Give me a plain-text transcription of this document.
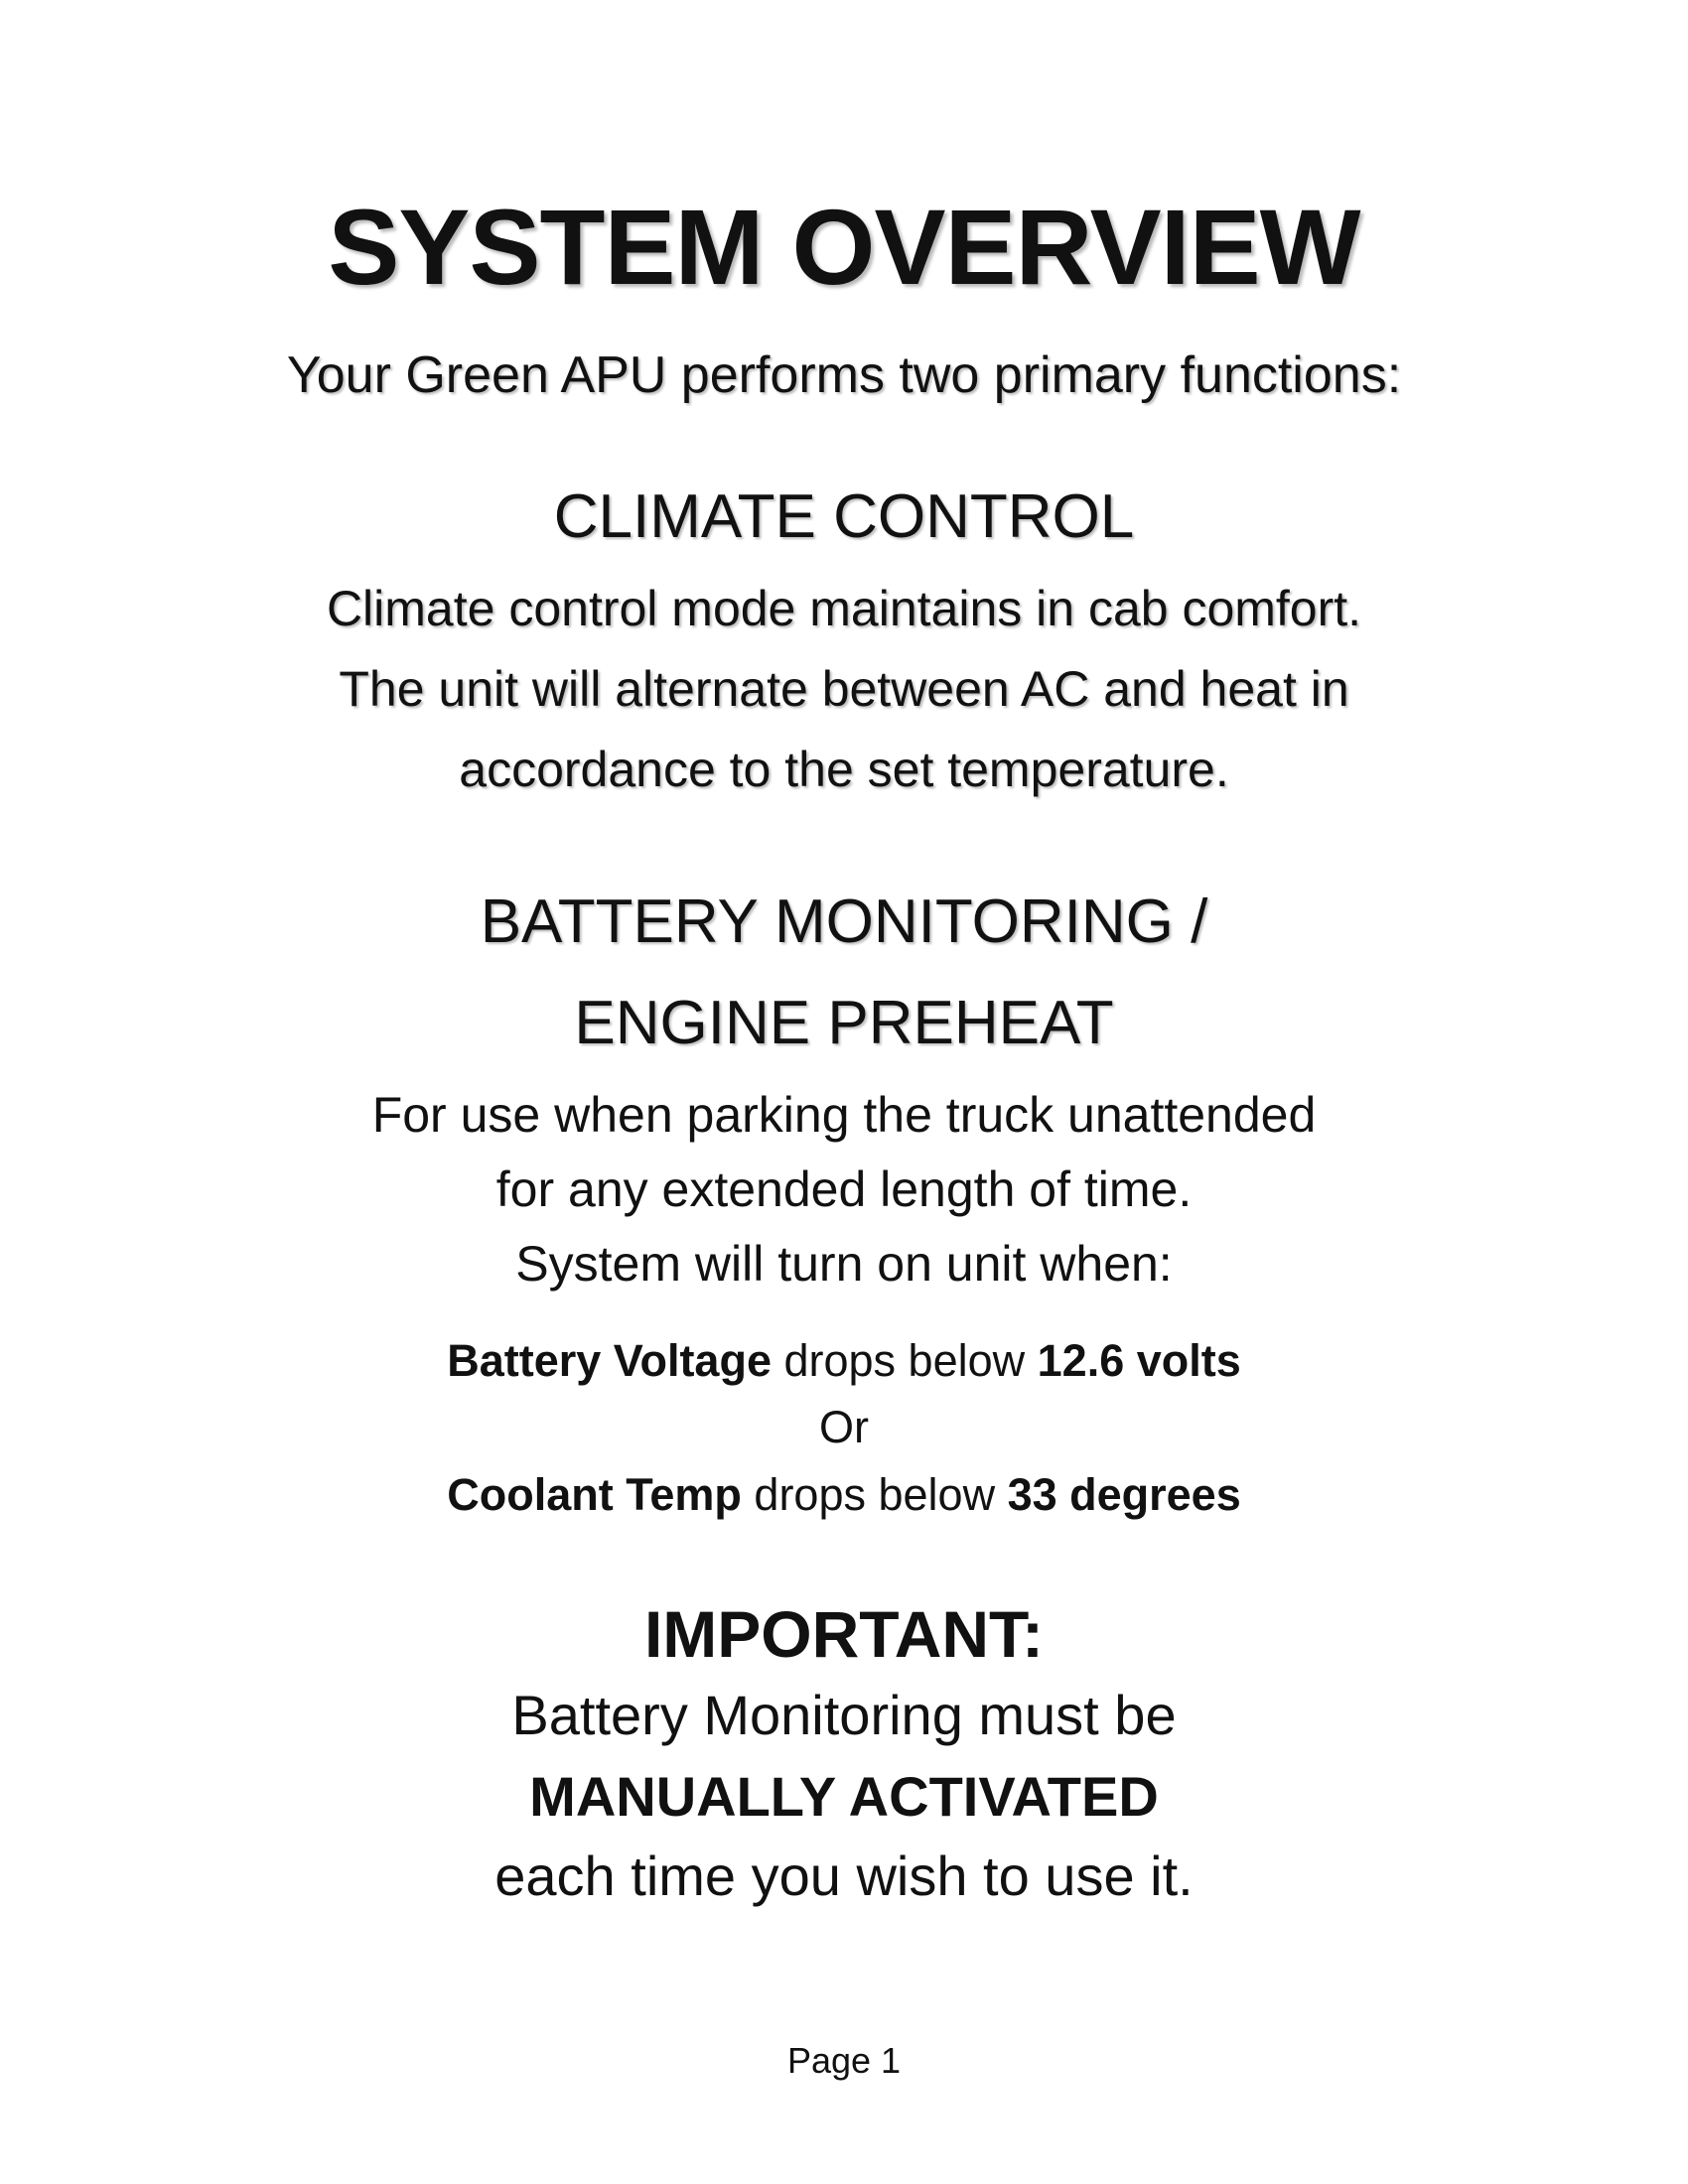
SYSTEM OVERVIEW
Your Green APU performs two primary functions:
CLIMATE CONTROL
Climate control mode maintains in cab comfort.
The unit will alternate between AC and heat in
accordance to the set temperature.
BATTERY MONITORING /
ENGINE PREHEAT
For use when parking the truck unattended
for any extended length of time.
System will turn on unit when:
Battery Voltage drops below 12.6 volts
Or
Coolant Temp drops below 33 degrees
IMPORTANT:
Battery Monitoring must be
MANUALLY ACTIVATED
each time you wish to use it.
Page 1
